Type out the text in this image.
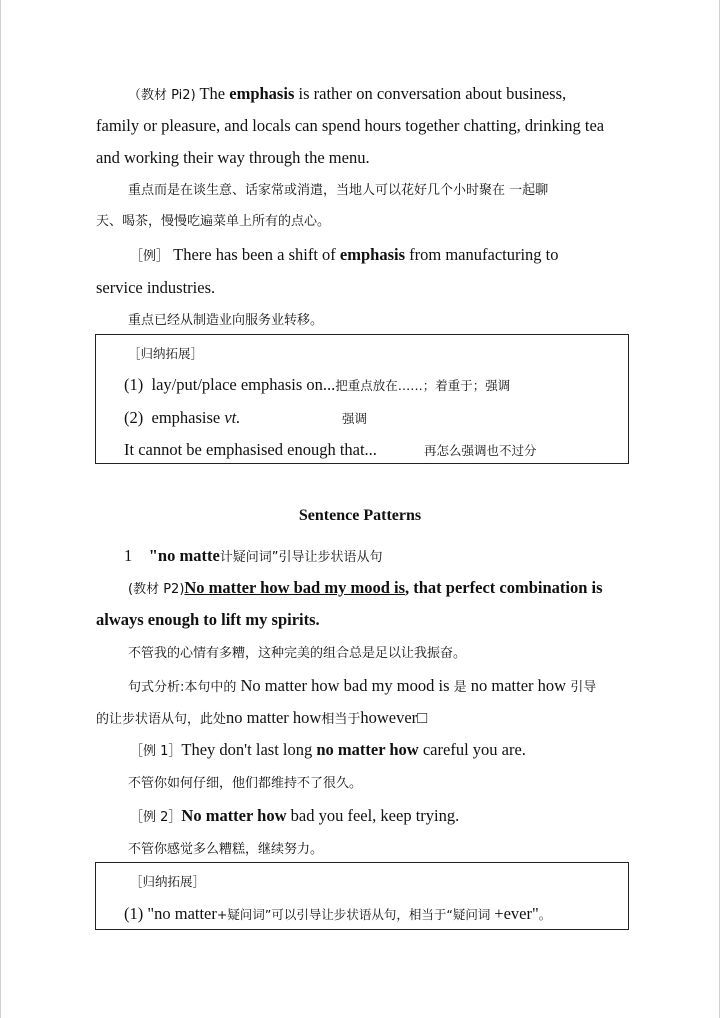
（教材 Pi2) The emphasis is rather on conversation about business,
family or pleasure, and locals can spend hours together chatting, drinking tea
and working their way through the menu.
重点而是在谈生意、话家常或消遣，当地人可以花好几个小时聚在 一起聊
天、喝茶，慢慢吃遍菜单上所有的点心。
［例］ There has been a shift of emphasis from manufacturing to
service industries.
重点已经从制造业向服务业转移。
［归纳拓展］
(1) lay/put/place emphasis on...把重点放在……；着重于；强调
(2) emphasise vt.	强调
It cannot be emphasised enough that...	再怎么强调也不过分
Sentence Patterns
1 "no matte计疑问词”引导让步状语从句
(教材 P2)No matter how bad my mood is, that perfect combination is
always enough to lift my spirits.
不管我的心情有多糟，这种完美的组合总是足以让我振奋。
句式分析:本句中的 No matter how bad my mood is 是 no matter how 引导
的让步状语从句，此处no matter how相当于however□
［例 1］They don't last long no matter how careful you are.
不管你如何仔细，他们都维持不了很久。
［例 2］No matter how bad you feel, keep trying.
不管你感觉多么糟糕，继续努力。
［归纳拓展］
(1) "no matter+疑问词”可以引导让步状语从句，相当于“疑问词 +ever"。
